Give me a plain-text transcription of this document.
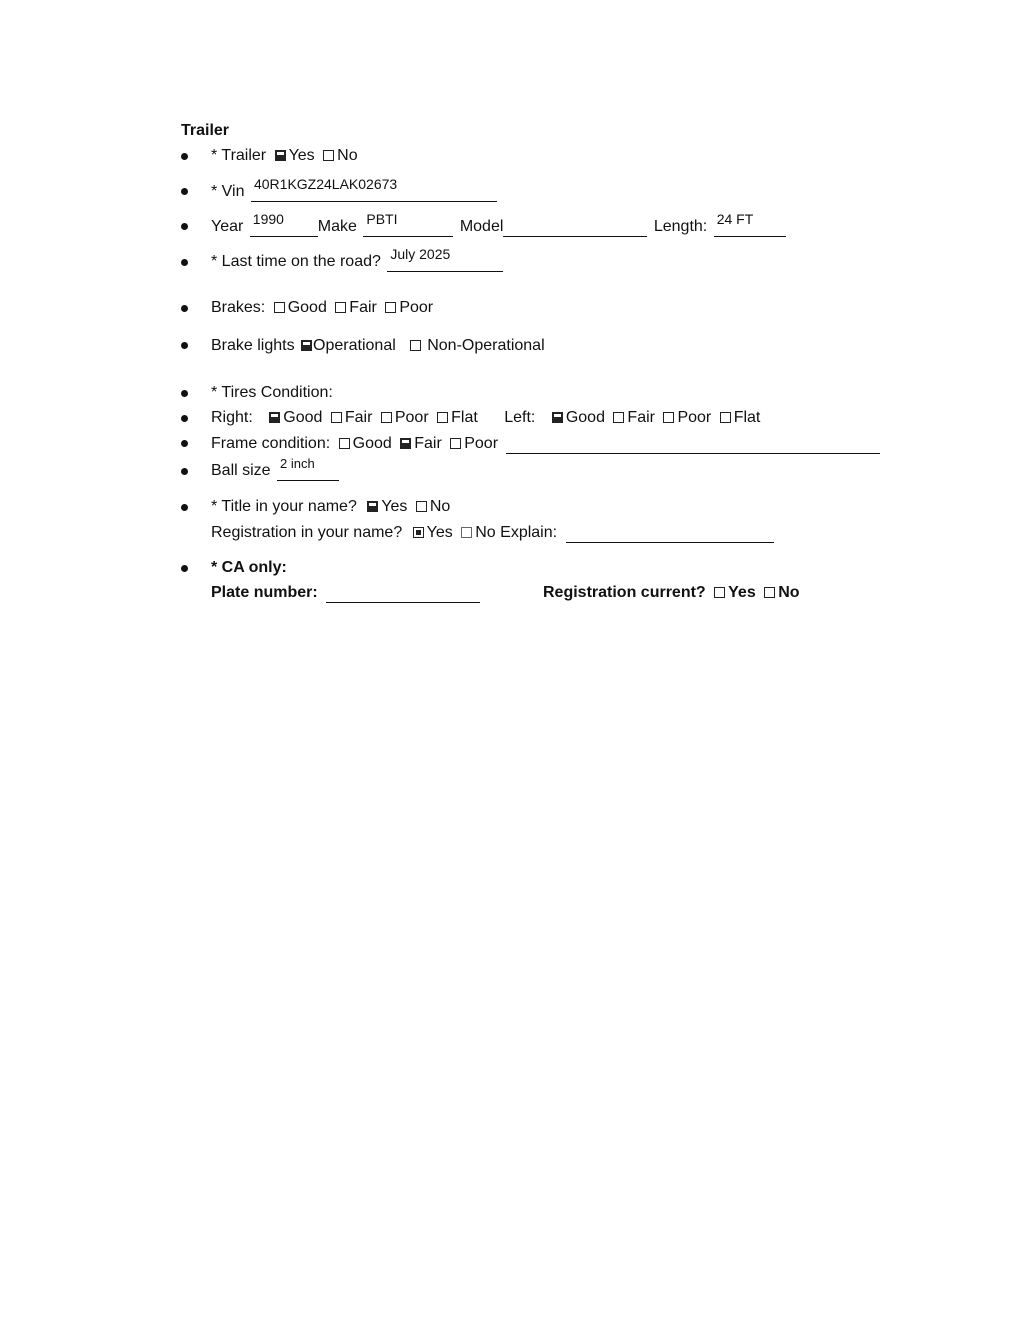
Trailer
* Trailer Yes No
* Vin 40R1KGZ24LAK02673
Year 1990 Make PBTI	Model	Length: 24 FT
* Last time on the road? July 2025
Brakes: Good Fair Poor
Brake lights Operational Non-Operational
* Tires Condition:
Right: Good Fair Poor Flat Left: Good Fair Poor Flat
Frame condition: Good Fair Poor
Ball size 2 inch
* Title in your name? Yes No
Registration in your name? Yes No Explain:
* CA only:
Plate number:	Registration current? Yes No
